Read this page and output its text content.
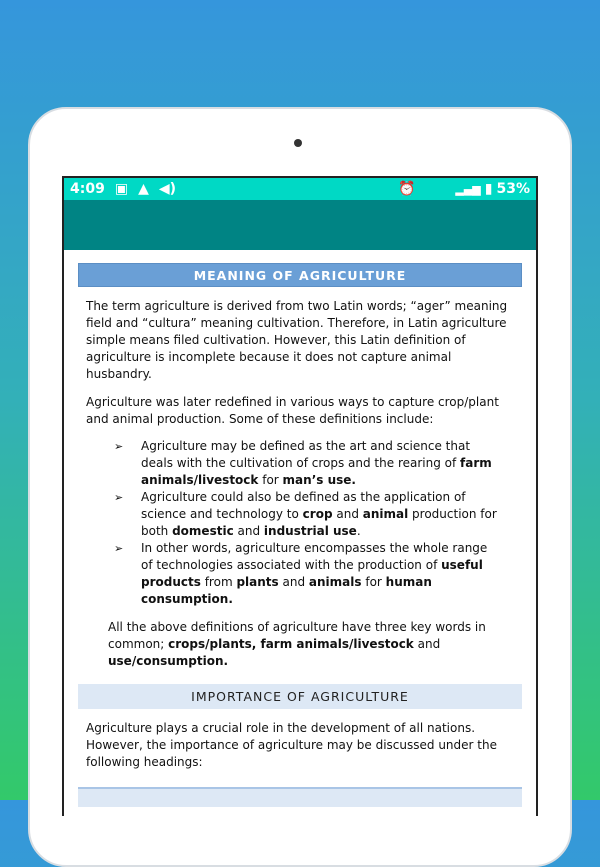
4:09 ▣ ▲ ◀)	⏰	▂▄▆ ▮ 53%
MEANING OF AGRICULTURE

The term agriculture is derived from two Latin words; “ager” meaning field and “cultura” meaning cultivation. Therefore, in Latin agriculture simple means filed cultivation. However, this Latin definition of agriculture is incomplete because it does not capture animal husbandry.

Agriculture was later redefined in various ways to capture crop/plant and animal production. Some of these definitions include:

➢ Agriculture may be defined as the art and science that deals with the cultivation of crops and the rearing of farm animals/livestock for man’s use.
➢ Agriculture could also be defined as the application of science and technology to crop and animal production for both domestic and industrial use.
➢ In other words, agriculture encompasses the whole range of technologies associated with the production of useful products from plants and animals for human consumption.

All the above definitions of agriculture have three key words in common; crops/plants, farm animals/livestock and use/consumption.

IMPORTANCE OF AGRICULTURE

Agriculture plays a crucial role in the development of all nations. However, the importance of agriculture may be discussed under the following headings:
